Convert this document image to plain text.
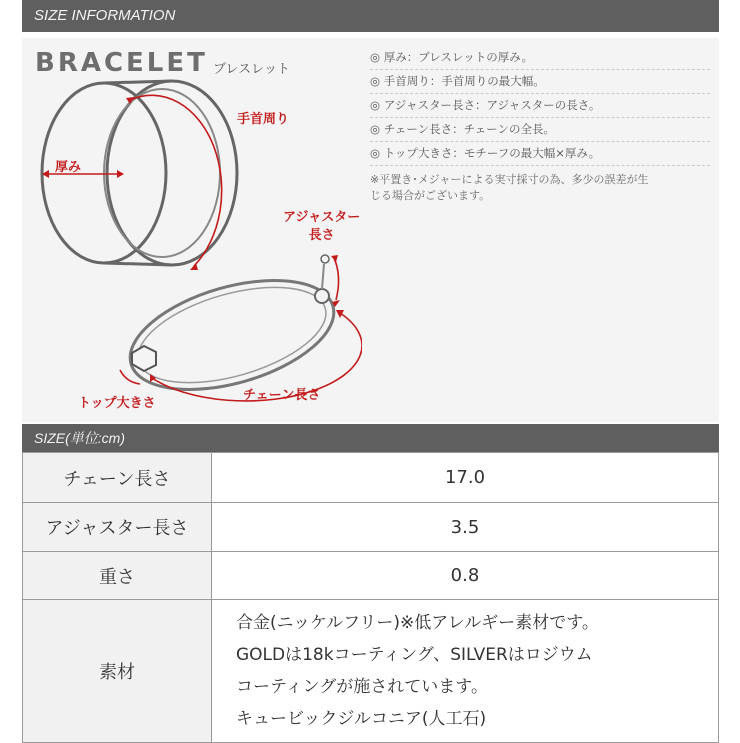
SIZE INFORMATION
BRACELET ブレスレット
◎ 厚み：ブレスレットの厚み。
◎ 手首周り：手首周りの最大幅。
◎ アジャスター長さ：アジャスターの長さ。
◎ チェーン長さ：チェーンの全長。
◎ トップ大きさ：モチーフの最大幅×厚み。
※平置き･メジャーによる実寸採寸の為、多少の誤差が生
じる場合がございます。
手首周り
厚み
アジャスター
長さ
チェーン長さ
トップ大きさ
SIZE(単位:cm)
チェーン長さ	17.0
アジャスター長さ	3.5
重さ	0.8
素材	合金(ニッケルフリー)※低アレルギー素材です。
GOLDは18kコーティング、SILVERはロジウム
コーティングが施されています。
キュービックジルコニア(人工石)
